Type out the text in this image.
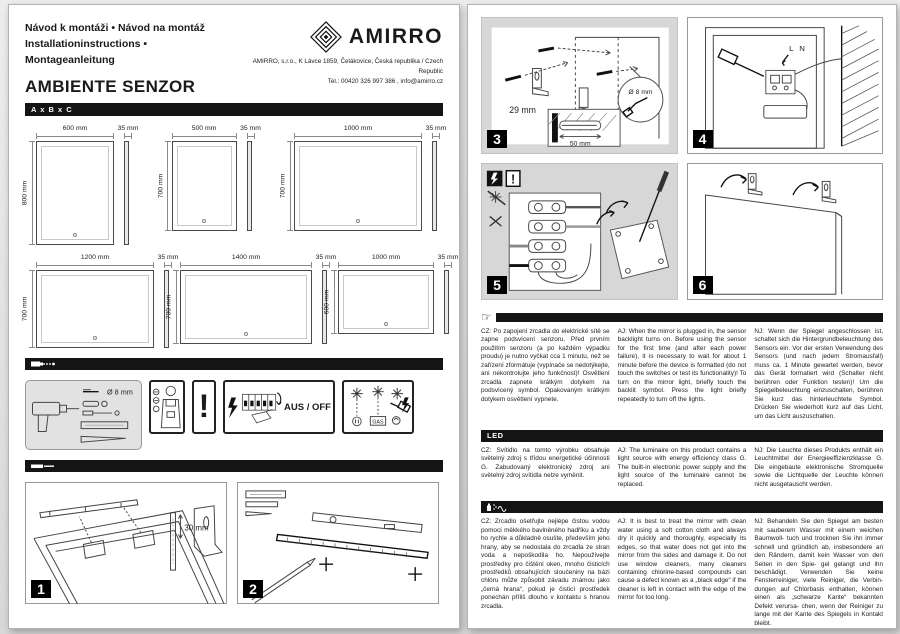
Návod k montáži • Návod na montáž
Installationinstructions • Montageanleitung
AMBIENTE SENZOR
AMIRRO
AMIRRO, s.r.o., K Lávce 1859, Čelákovice, Česká republika / Czech Republic
Tel.: 00420 326 997 386 , info@amirro.cz
A x B x C
600 mm	35 mm
800 mm
500 mm	35 mm
700 mm
1000 mm	35 mm
700 mm
1200 mm	35 mm
700 mm
1400 mm	35 mm
700 mm
1000 mm	35 mm
600 mm
Ø 8 mm !	AUS / OFF
GAS
1
30 mm
2
3
29 mm
Ø 8 mm
50 mm	4
L N
5
!
6
☞
CZ: Po zapojení zrcadla do elektrické sítě se zapne podsvícení senzoru. Před prvním použitím senzoru (a po každém výpadku proudu) je nutno vyčkat cca 1 minutu, než se zařízení zformátuje (vypínače se nedotýkejte, ani nekontrolujte jeho funkčnost)! Osvětlení zrcadla zapnete krátkým dotykem na podsvícený symbol. Opakovaným krátkým dotykem osvětlení vypnete.
AJ: When the mirror is plugged in, the sensor backlight turns on. Before using the sensor for the first time (and after each power failure), it is necessary to wait for about 1 minute before the device is formatted (do not touch the switches or test its functionality)! To turn on the mirror light, briefly touch the backlit symbol. Press the light briefly repeatedly to turn off the lights.
NJ: Wenn der Spiegel angeschlossen ist, schaltet sich die Hintergrundbeleuchtung des Sensors ein. Vor der ersten Verwendung des Sensors (und nach jedem Stromausfall) muss ca. 1 Minute gewartet werden, bevor das Gerät formatiert wird (Schalter nicht berühren oder Funktion testen)! Um die Spiegelbeleuchtung einzuschalten, berühren Sie kurz das hinterleuchtete Symbol. Drücken Sie wiederholt kurz auf das Licht, um das Licht auszuschalten.
LED
CZ: Svítidlo na tomto výrobku obsahuje světelný zdroj s třídou energetické účinnosti G. Zabudovaný elektronický zdroj ani světelný zdroj svítidla nelze vyměnit.
AJ: The luminaire on this product contains a light source with energy efficiency class G. The built-in electronic power supply and the light source of the luminaire cannot be replaced.
NJ: Die Leuchte dieses Produkts enthält ein Leuchtmittel der Energieeffizienzklasse G. Die eingebaute elektronische Stromquelle sowie die Lichtquelle der Leuchte können nicht ausgetauscht werden.
CZ: Zrcadlo ošetřujte nejlépe čistou vodou pomocí měkkého bavlněného hadříku a vždy ho rychle a důkladně osušte, především jeho hrany, aby se nedostala do zrcadla ze stran voda a nepoškodila ho. Nepoužívejte prostředky pro čištění oken, mnoho čisticích prostředků obsahujících sloučeniny na bázi chlóru může způsobit závadu známou jako „černá hrana“, pokud je čisticí prostředek ponechán příliš dlouho v kontaktu s hranou zrcadla.
AJ: It is best to treat the mirror with clean water using a soft cotton cloth and always dry it quickly and thoroughly, especially its edges, so that water does not get into the mirror from the sides and damage it. Do not use window cleaners, many cleaners containing chlorine-based compounds can cause a defect known as a „black edge“ if the cleaner is left in contact with the edge of the mirror for too long.
NJ: Behandeln Sie den Spiegel am besten mit sauberem Wasser mit einem weichen Baumwoll- tuch und trocknen Sie ihn immer schnell und gründlich ab, insbesondere an den Rändern, damit kein Wasser von den Seiten in den Spie- gel gelangt und ihn beschädigt. Verwenden Sie keine Fensterreiniger, viele Reiniger, die Verbin- dungen auf Chlorbasis enthalten, können einen als „schwarze Kante“ bekannten Defekt verursa- chen, wenn der Reiniger zu lange mit der Kante des Spiegels in Kontakt bleibt.
